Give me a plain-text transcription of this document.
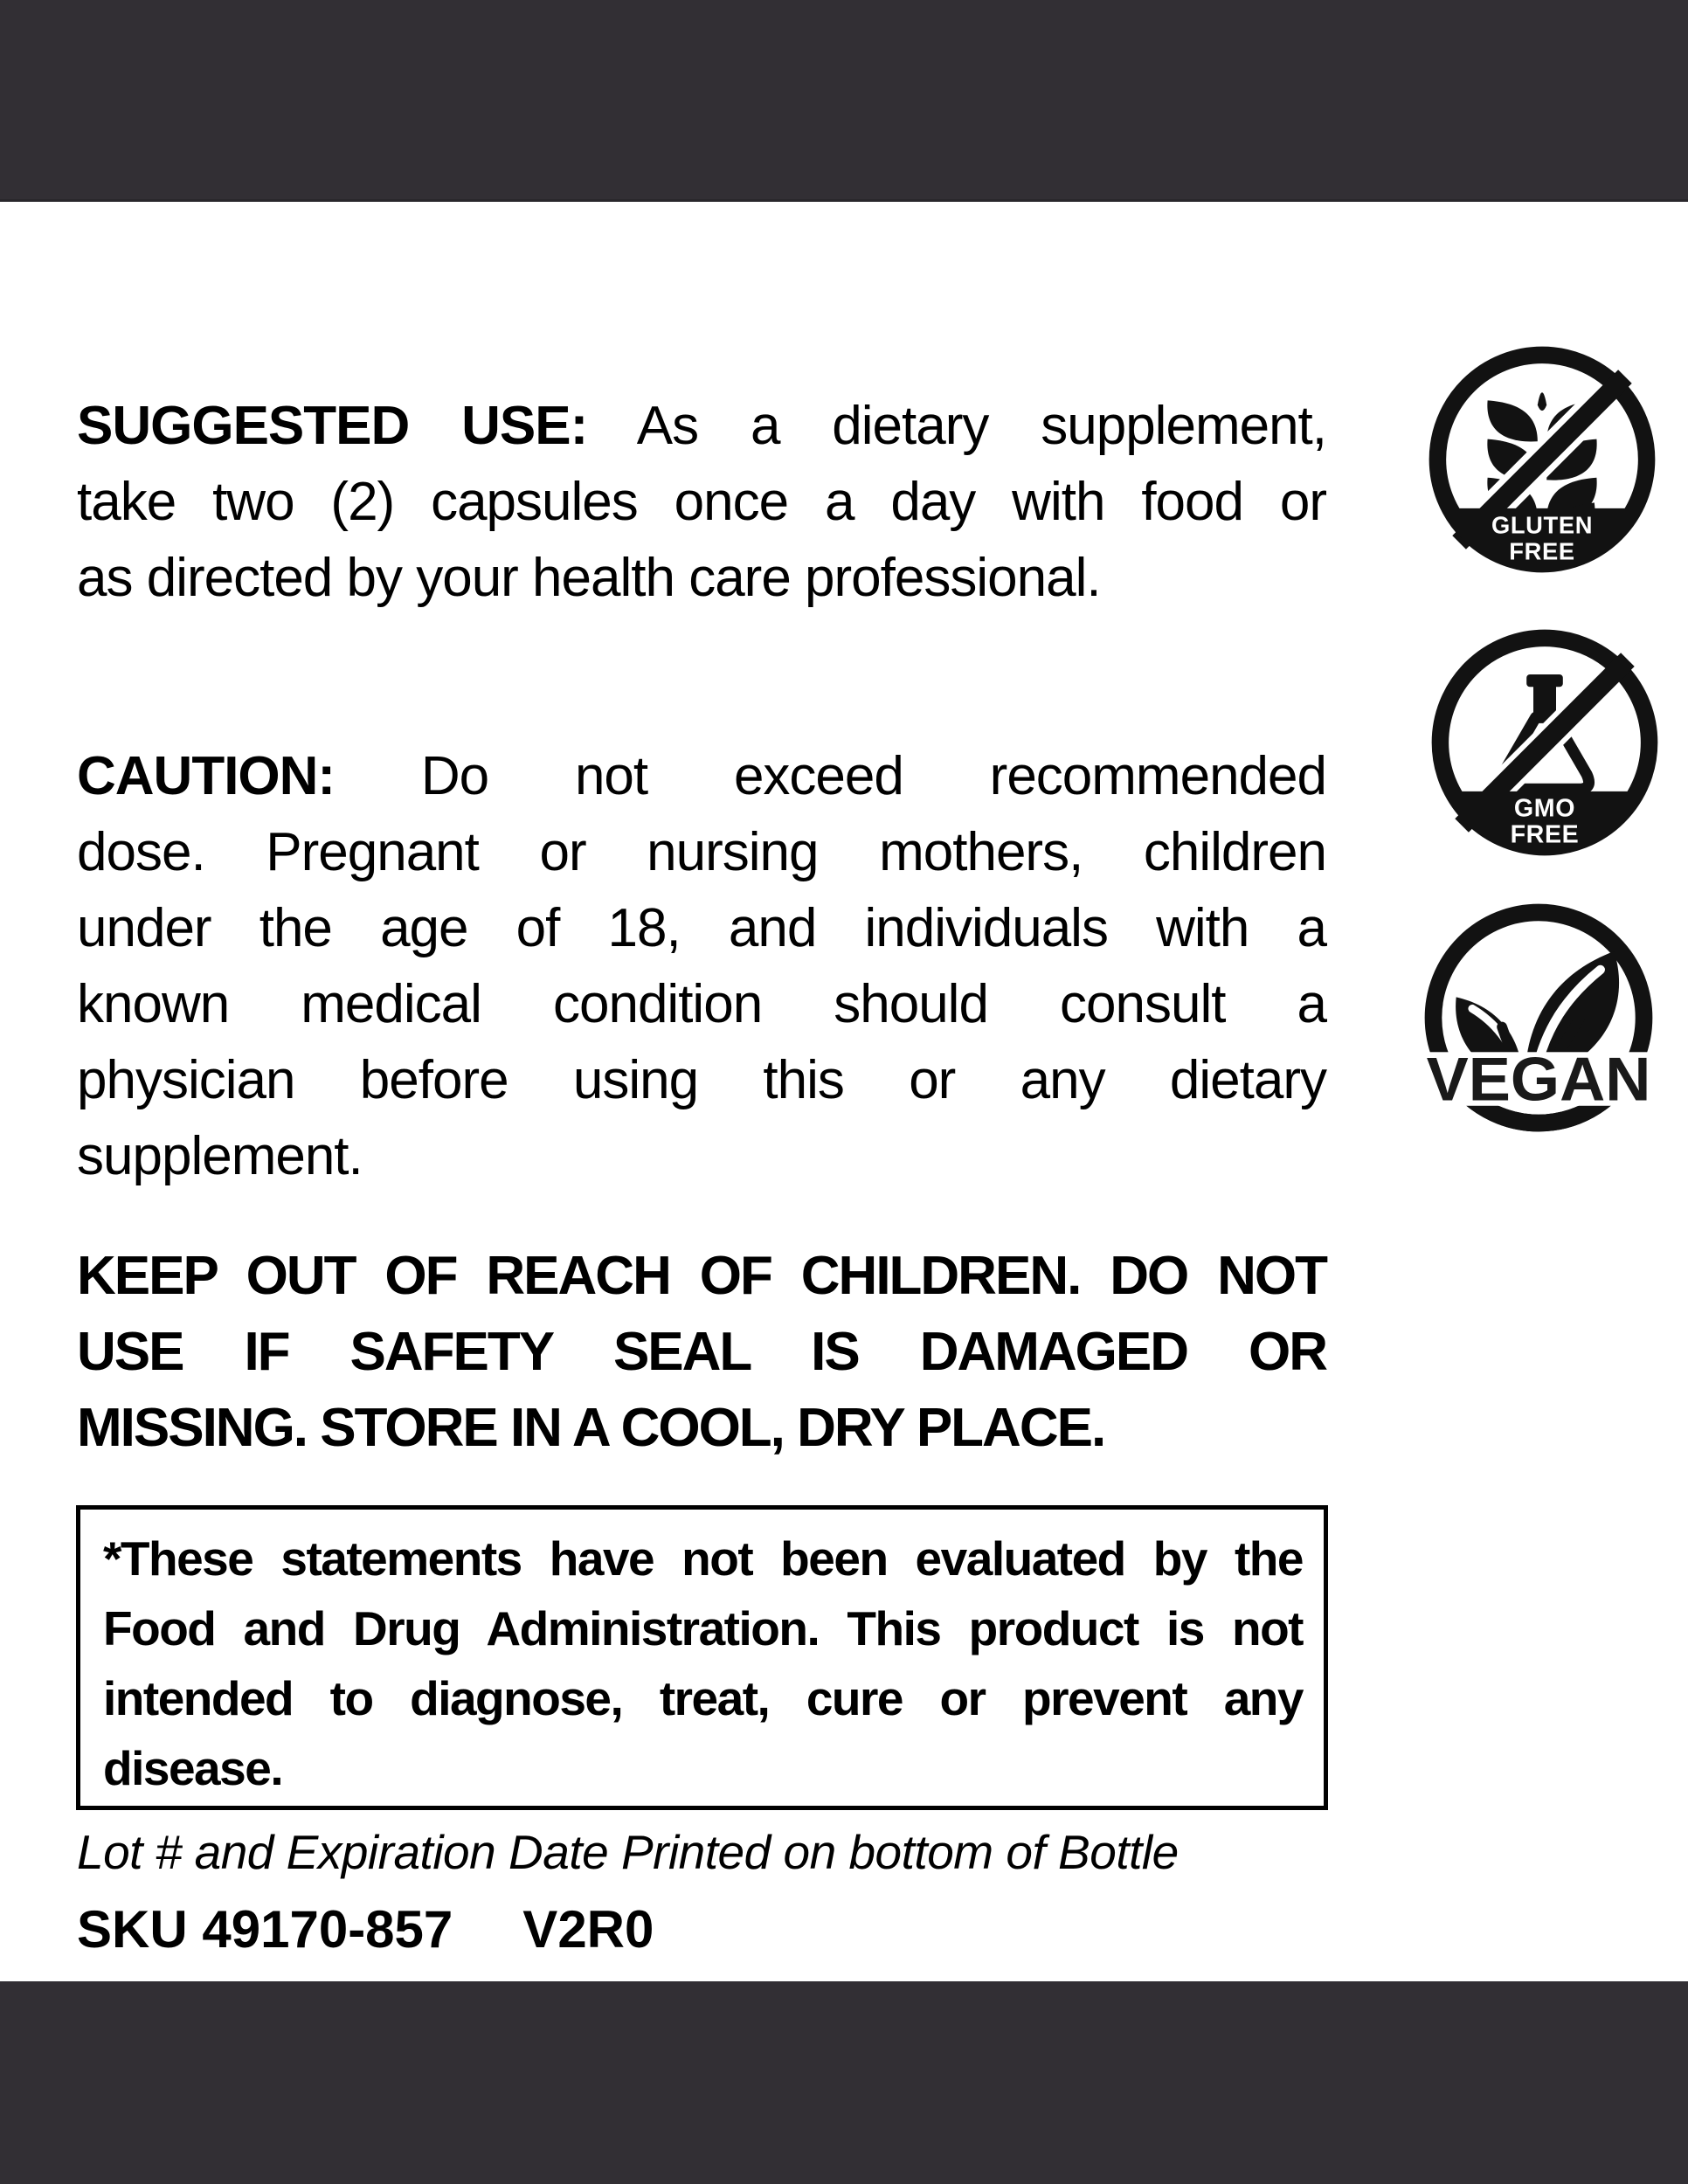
SUGGESTED USE: As a dietary supplement,
take two (2) capsules once a day with food or
as directed by your health care professional.
CAUTION: Do not exceed recommended
dose. Pregnant or nursing mothers, children
under the age of 18, and individuals with a
known medical condition should consult a
physician before using this or any dietary
supplement.
KEEP OUT OF REACH OF CHILDREN. DO NOT
USE IF SAFETY SEAL IS DAMAGED OR
MISSING. STORE IN A COOL, DRY PLACE.
*These statements have not been evaluated by the
Food and Drug Administration. This product is not
intended to diagnose, treat, cure or prevent any
disease.
Lot # and Expiration Date Printed on bottom of Bottle
SKU 49170-857 V2R0
GLUTEN
FREE
GMO
FREE
VEGAN
